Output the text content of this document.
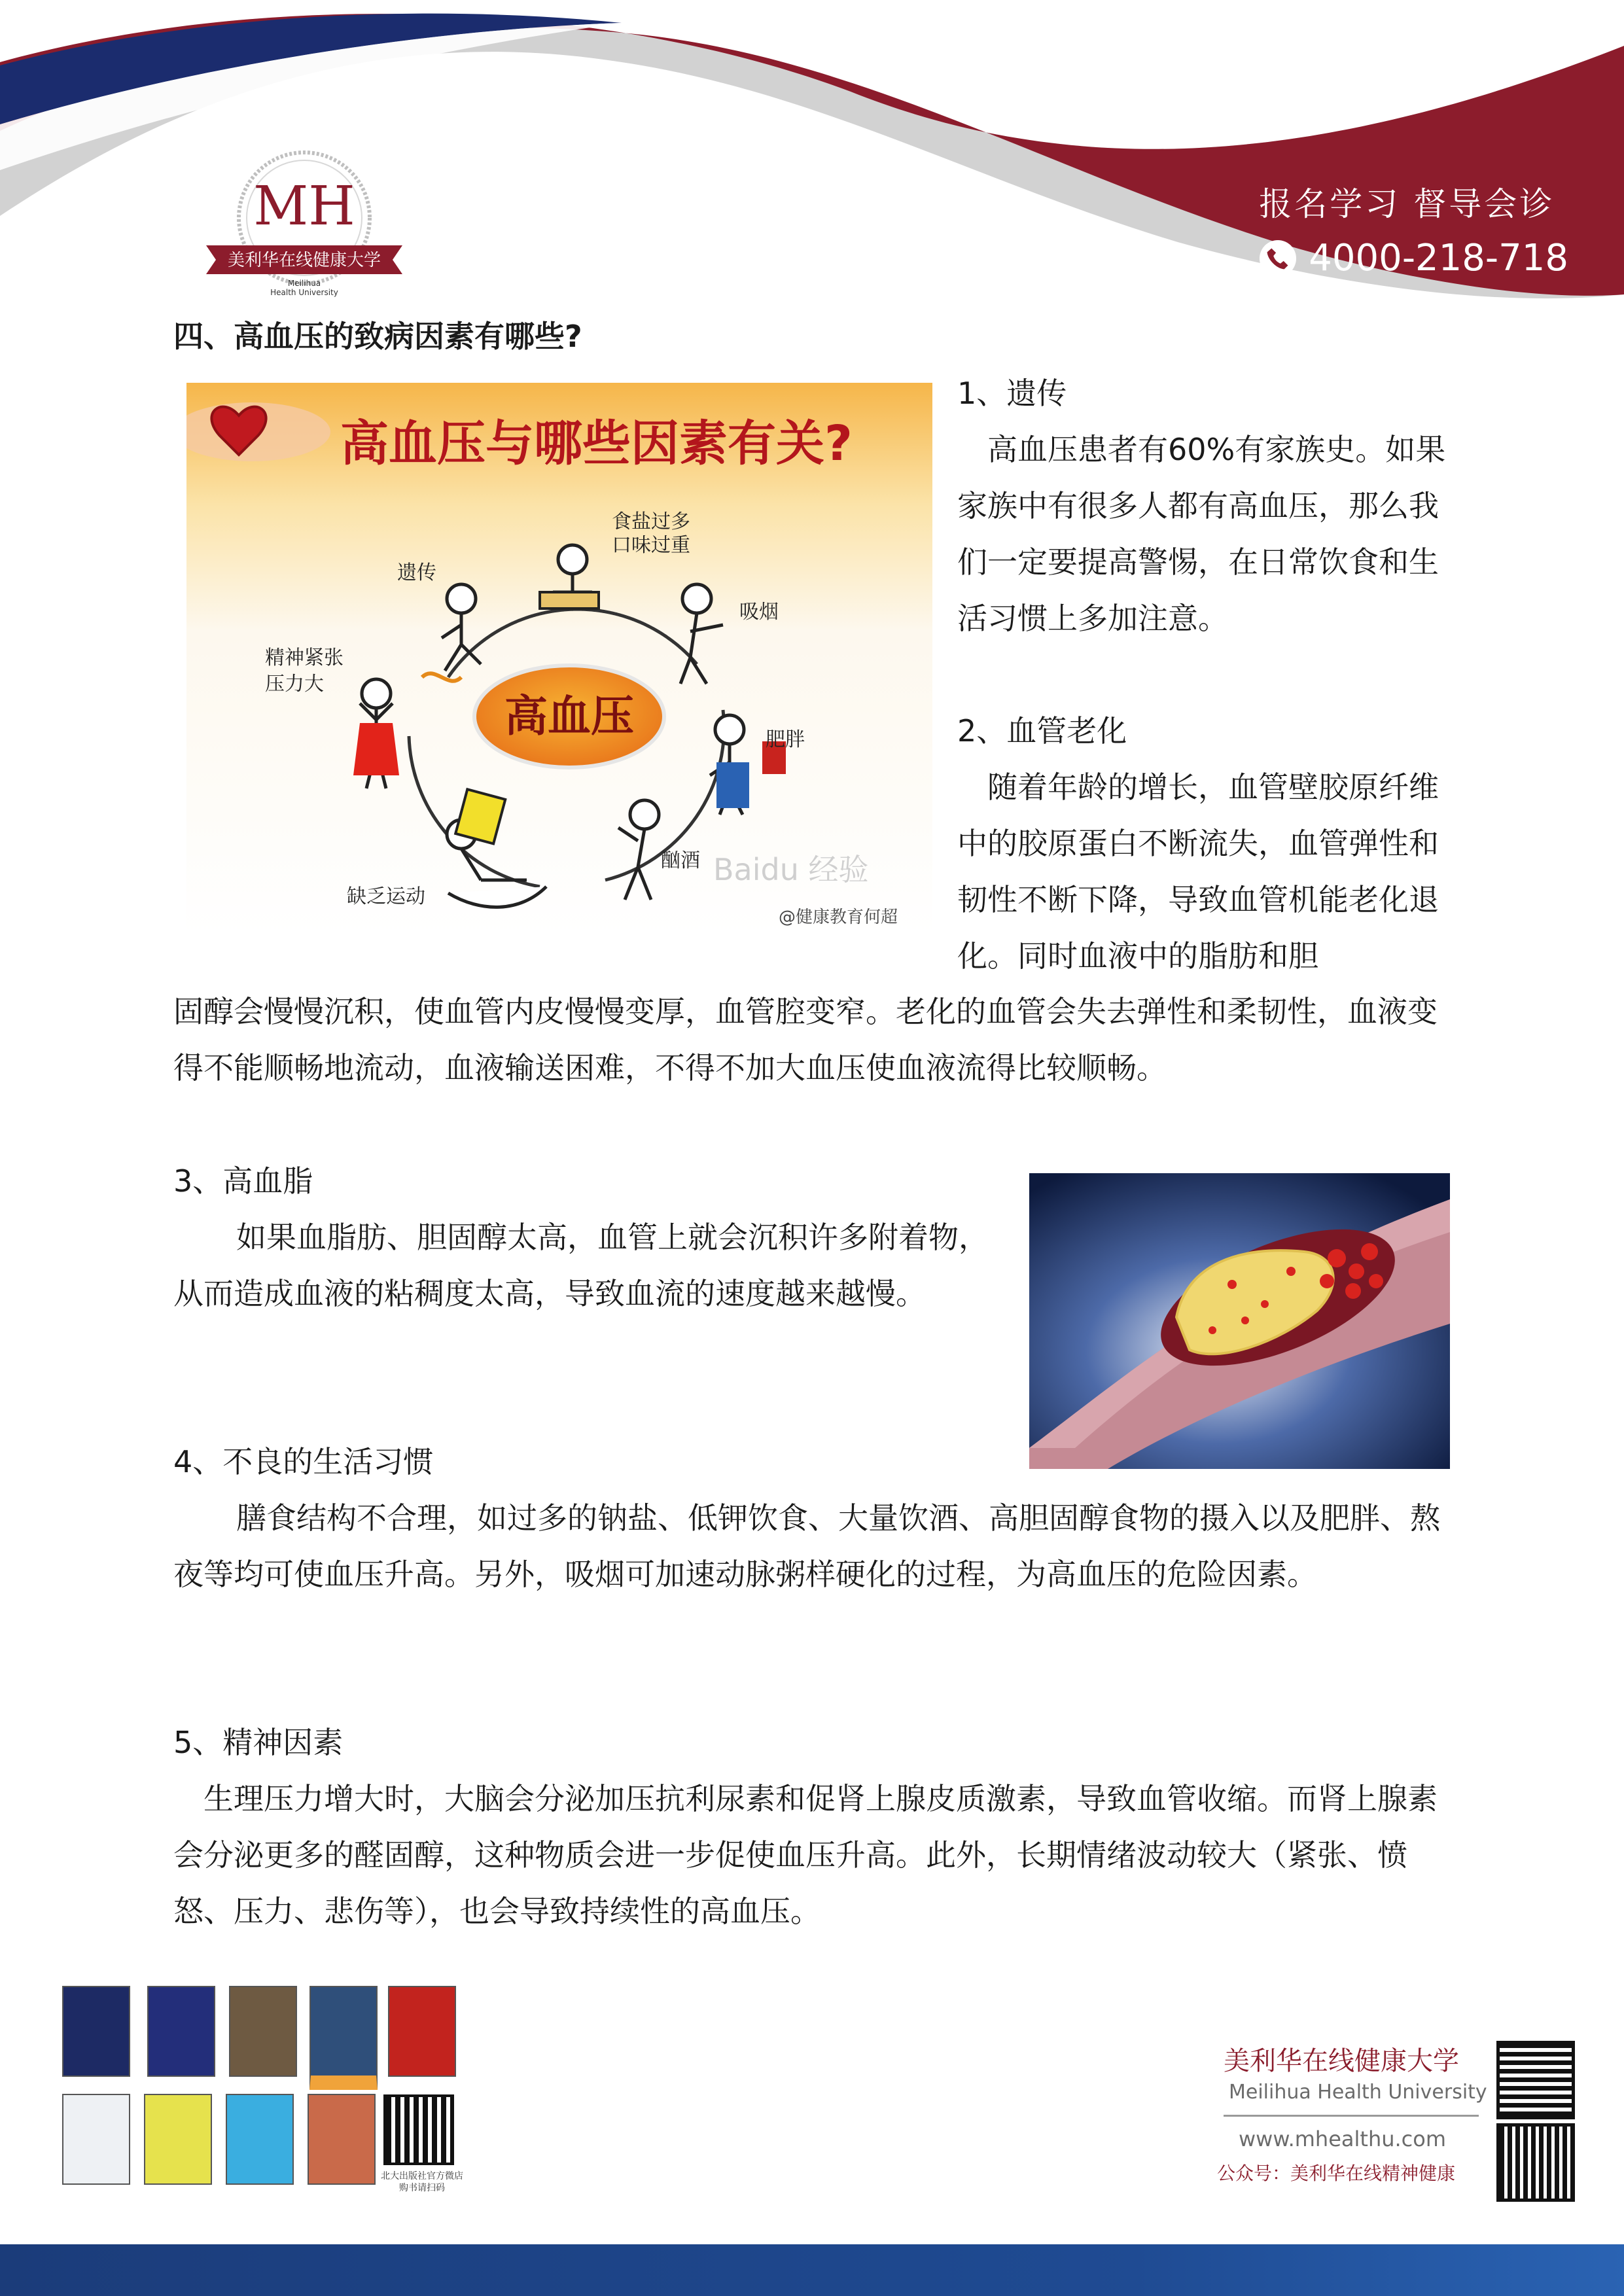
MH
美利华在线健康大学
Meilihua
Health University
报名学习 督导会诊
4000-218-718
四、高血压的致病因素有哪些?
高血压与哪些因素有关?
高血压
遗传
食盐过多
口味过重
吸烟
精神紧张
压力大
肥胖
酗酒
缺乏运动
Baidu 经验
@健康教育何超

1、遗传

高血压患者有60%有家族史。如果家族中有很多人都有高血压，那么我们一定要提高警惕，在日常饮食和生活习惯上多加注意。

2、血管老化

随着年龄的增长，血管壁胶原纤维中的胶原蛋白不断流失，血管弹性和韧性不断下降，导致血管机能老化退化。同时血液中的脂肪和胆

固醇会慢慢沉积，使血管内皮慢慢变厚，血管腔变窄。老化的血管会失去弹性和柔韧性，血液变得不能顺畅地流动，血液输送困难，不得不加大血压使血液流得比较顺畅。

3、高血脂

如果血脂肪、胆固醇太高，血管上就会沉积许多附着物，从而造成血液的粘稠度太高，导致血流的速度越来越慢。

4、不良的生活习惯

膳食结构不合理，如过多的钠盐、低钾饮食、大量饮酒、高胆固醇食物的摄入以及肥胖、熬夜等均可使血压升高。另外，吸烟可加速动脉粥样硬化的过程，为高血压的危险因素。

5、精神因素

生理压力增大时，大脑会分泌加压抗利尿素和促肾上腺皮质激素，导致血管收缩。而肾上腺素会分泌更多的醛固醇，这种物质会进一步促使血压升高。此外，长期情绪波动较大（紧张、愤怒、压力、悲伤等），也会导致持续性的高血压。

北大出版社官方微店
购书请扫码
美利华在线健康大学
Meilihua Health University
www.mhealthu.com
公众号：美利华在线精神健康
